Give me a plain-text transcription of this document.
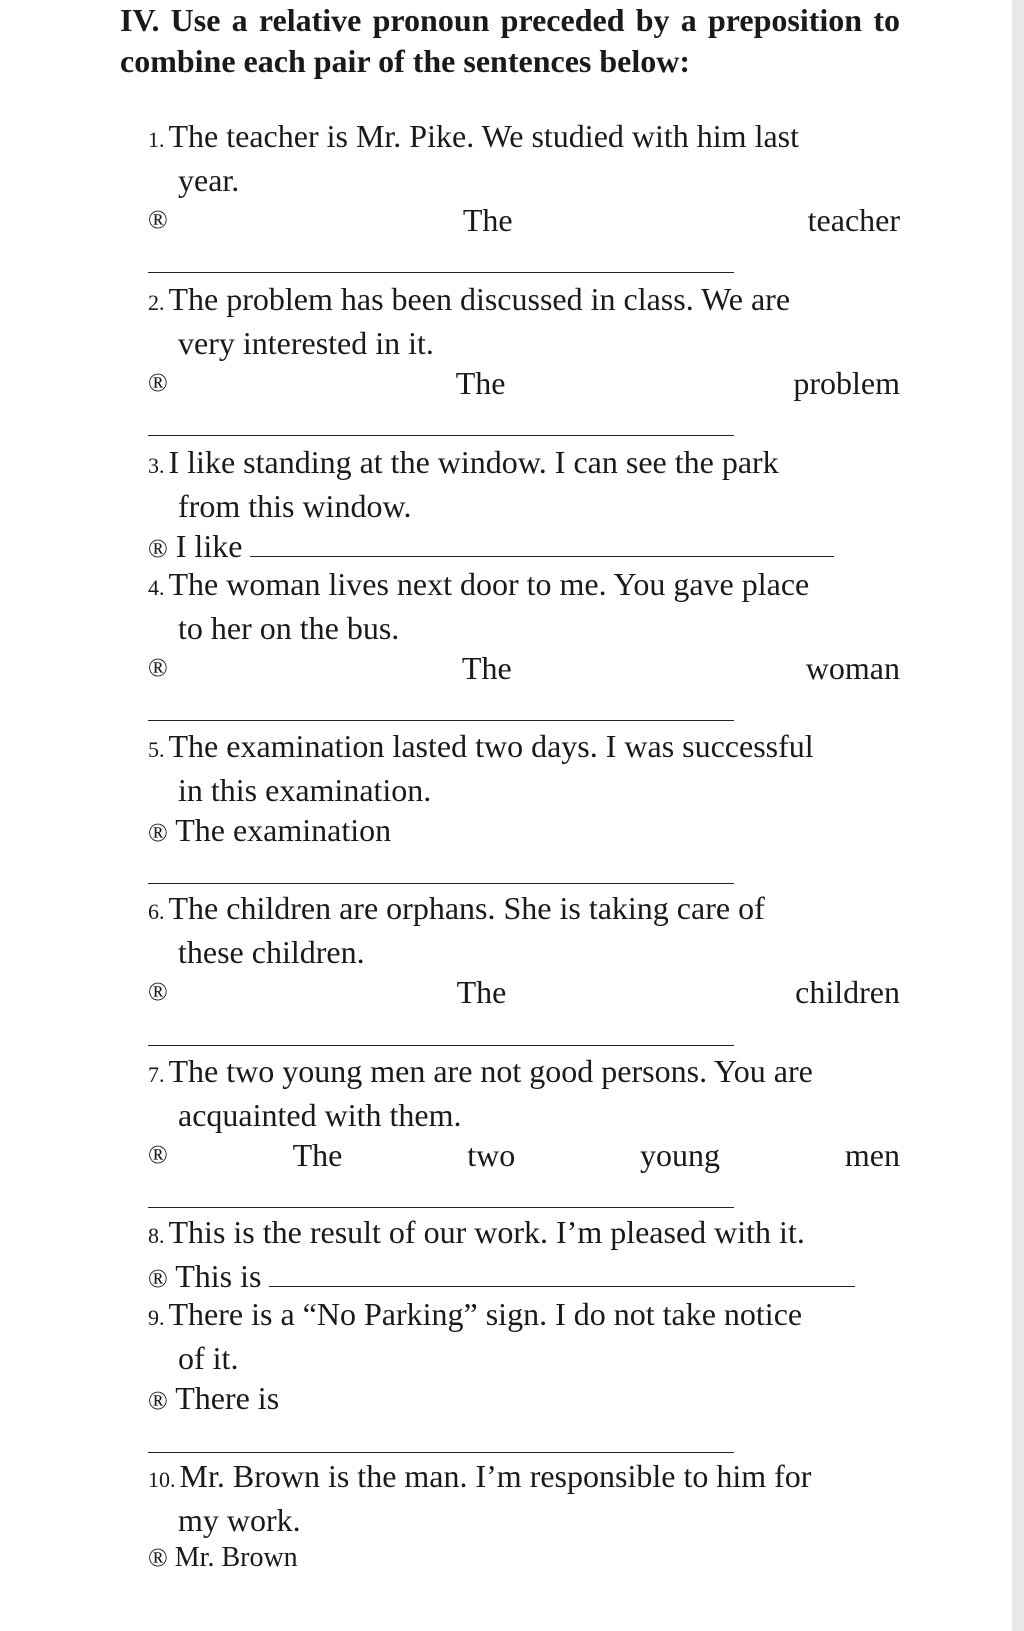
IV. Use a relative pronoun preceded by a preposition to combine each pair of the sentences below:
1. The teacher is Mr. Pike. We studied with him last
year.
®	The	teacher
2. The problem has been discussed in class. We are
very interested in it.
®	The	problem
3. I like standing at the window. I can see the park
from this window.
® I like
4. The woman lives next door to me. You gave place
to her on the bus.
®	The	woman
5. The examination lasted two days. I was successful
in this examination.
® The examination
6. The children are orphans. She is taking care of
these children.
®	The	children
7. The two young men are not good persons. You are
acquainted with them.
®	The	two	young	men
8. This is the result of our work. I’m pleased with it.
® This is
9. There is a “No Parking” sign. I do not take notice
of it.
® There is
10. Mr. Brown is the man. I’m responsible to him for
my work.
® Mr. Brown
